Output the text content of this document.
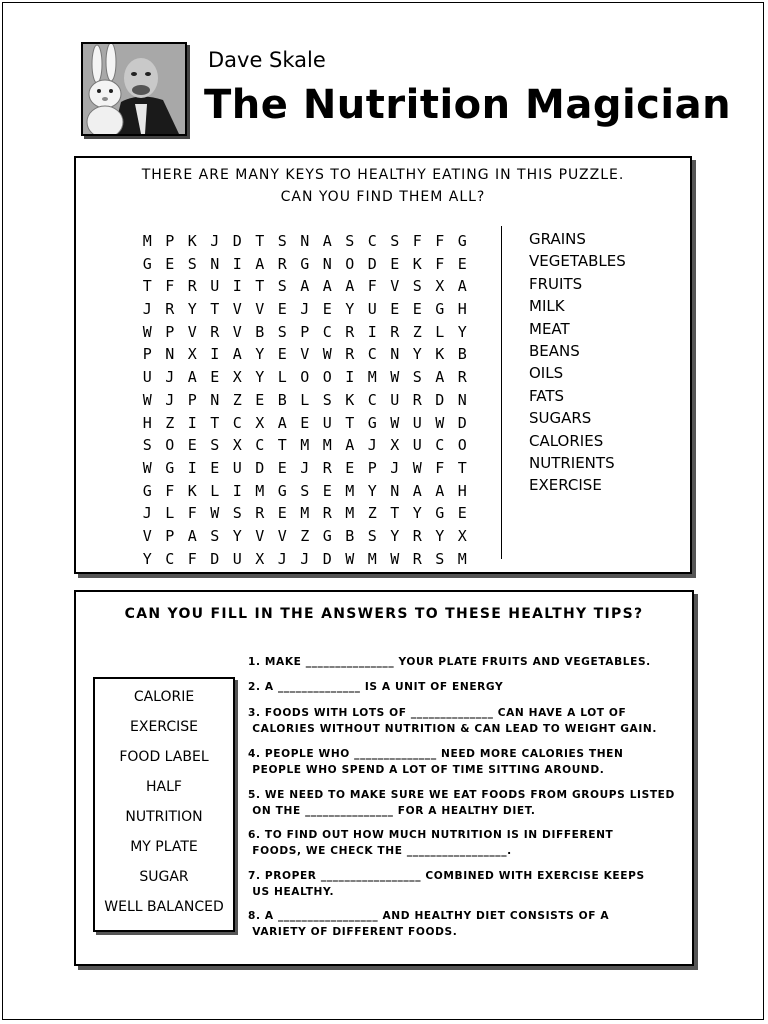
Dave Skale
The Nutrition Magician
THERE ARE MANY KEYS TO HEALTHY EATING IN THIS PUZZLE.
CAN YOU FIND THEM ALL?
M P K J D T S N A S C S F F G
G E S N I A R G N O D E K F E
T F R U I T S A A A F V S X A
J R Y T V V E J E Y U E E G H
W P V R V B S P C R I R Z L Y
P N X I A Y E V W R C N Y K B
U J A E X Y L O O I M W S A R
W J P N Z E B L S K C U R D N
H Z I T C X A E U T G W U W D
S O E S X C T M M A J X U C O
W G I E U D E J R E P J W F T
G F K L I M G S E M Y N A A H
J L F W S R E M R M Z T Y G E
V P A S Y V V Z G B S Y R Y X
Y C F D U X J J D W M W R S M
GRAINS
VEGETABLES
FRUITS
MILK
MEAT
BEANS
OILS
FATS
SUGARS
CALORIES
NUTRIENTS
EXERCISE
CAN YOU FILL IN THE ANSWERS TO THESE HEALTHY TIPS?
CALORIE
EXERCISE
FOOD LABEL
HALF
NUTRITION
MY PLATE
SUGAR
WELL BALANCED
1. MAKE _______________ YOUR PLATE FRUITS AND VEGETABLES.
2. A ______________ IS A UNIT OF ENERGY
3. FOODS WITH LOTS OF ______________ CAN HAVE A LOT OF
CALORIES WITHOUT NUTRITION & CAN LEAD TO WEIGHT GAIN.
4. PEOPLE WHO ______________ NEED MORE CALORIES THEN
PEOPLE WHO SPEND A LOT OF TIME SITTING AROUND.
5. WE NEED TO MAKE SURE WE EAT FOODS FROM GROUPS LISTED
ON THE _______________ FOR A HEALTHY DIET.
6. TO FIND OUT HOW MUCH NUTRITION IS IN DIFFERENT
FOODS, WE CHECK THE _________________.
7. PROPER _________________ COMBINED WITH EXERCISE KEEPS
US HEALTHY.
8. A _________________ AND HEALTHY DIET CONSISTS OF A
VARIETY OF DIFFERENT FOODS.
